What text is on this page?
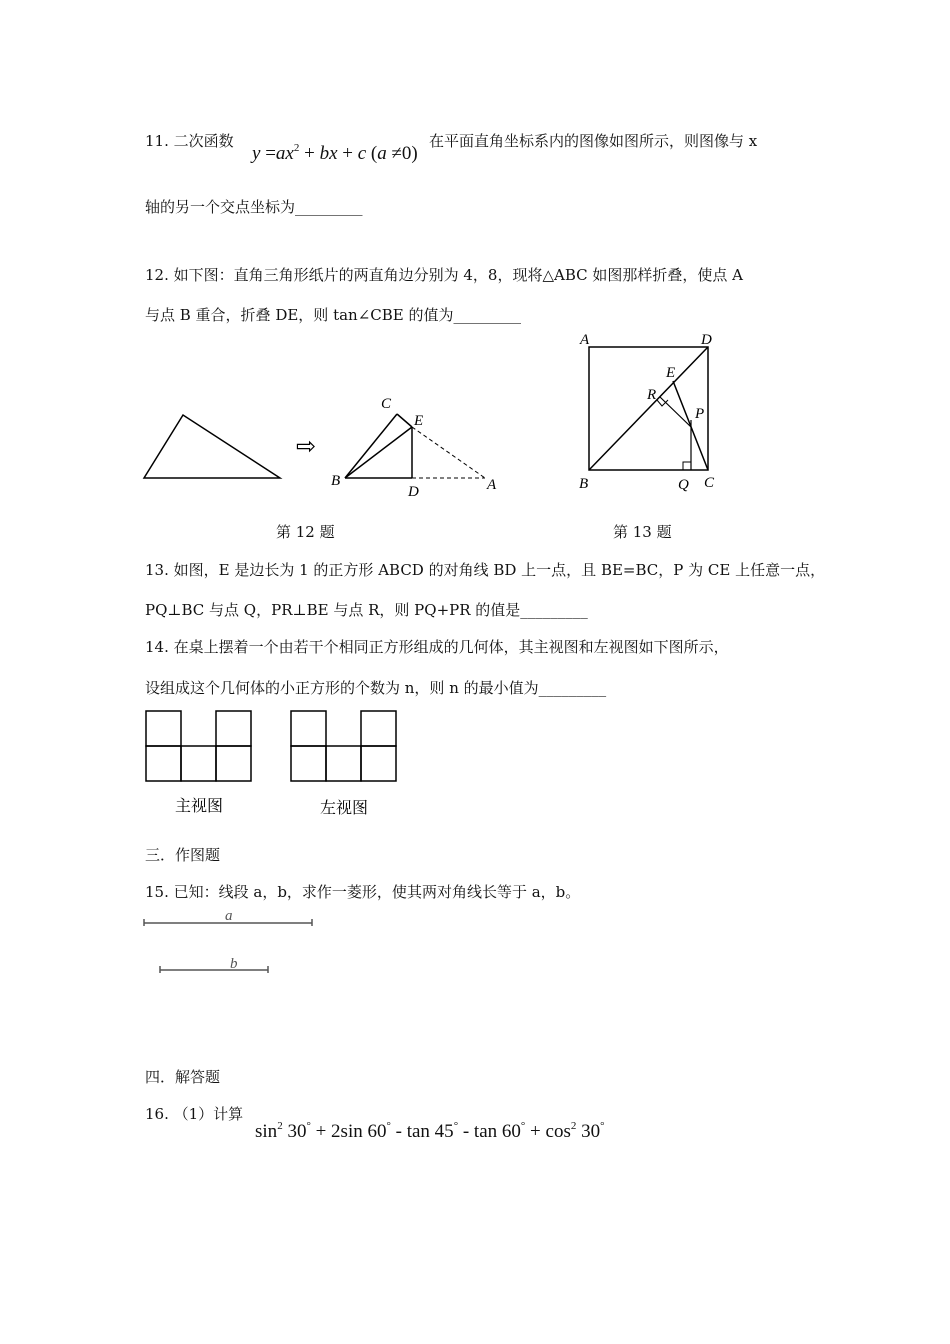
11. 二次函数
$y =ax^2$ + bx + c (a ≠0)
在平面直角坐标系内的图像如图所示，则图像与 x
轴的另一个交点坐标为_________
12. 如下图：直角三角形纸片的两直角边分别为 4，8，现将△ABC 如图那样折叠，使点 A
与点 B 重合，折叠 DE，则 tan∠CBE 的值为_________
⇨
C
E
B
D	A
A	D
E
R
P
B	Q C
第 12 题	第 13 题
13. 如图，E 是边长为 1 的正方形 ABCD 的对角线 BD 上一点，且 BE=BC，P 为 CE 上任意一点，
PQ⊥BC 与点 Q，PR⊥BE 与点 R，则 PQ+PR 的值是_________
14. 在桌上摆着一个由若干个相同正方形组成的几何体，其主视图和左视图如下图所示，
设组成这个几何体的小正方形的个数为 n，则 n 的最小值为_________
主视图	左视图
三．作图题
15. 已知：线段 a，b，求作一菱形，使其两对角线长等于 a，b。
a
b
四．解答题
16. （1）计算
$\sin^2 30^\circ + 2\sin$ $60^\circ - \tan 45^\circ - \tan 60^\circ + \cos^2 30^\circ$
